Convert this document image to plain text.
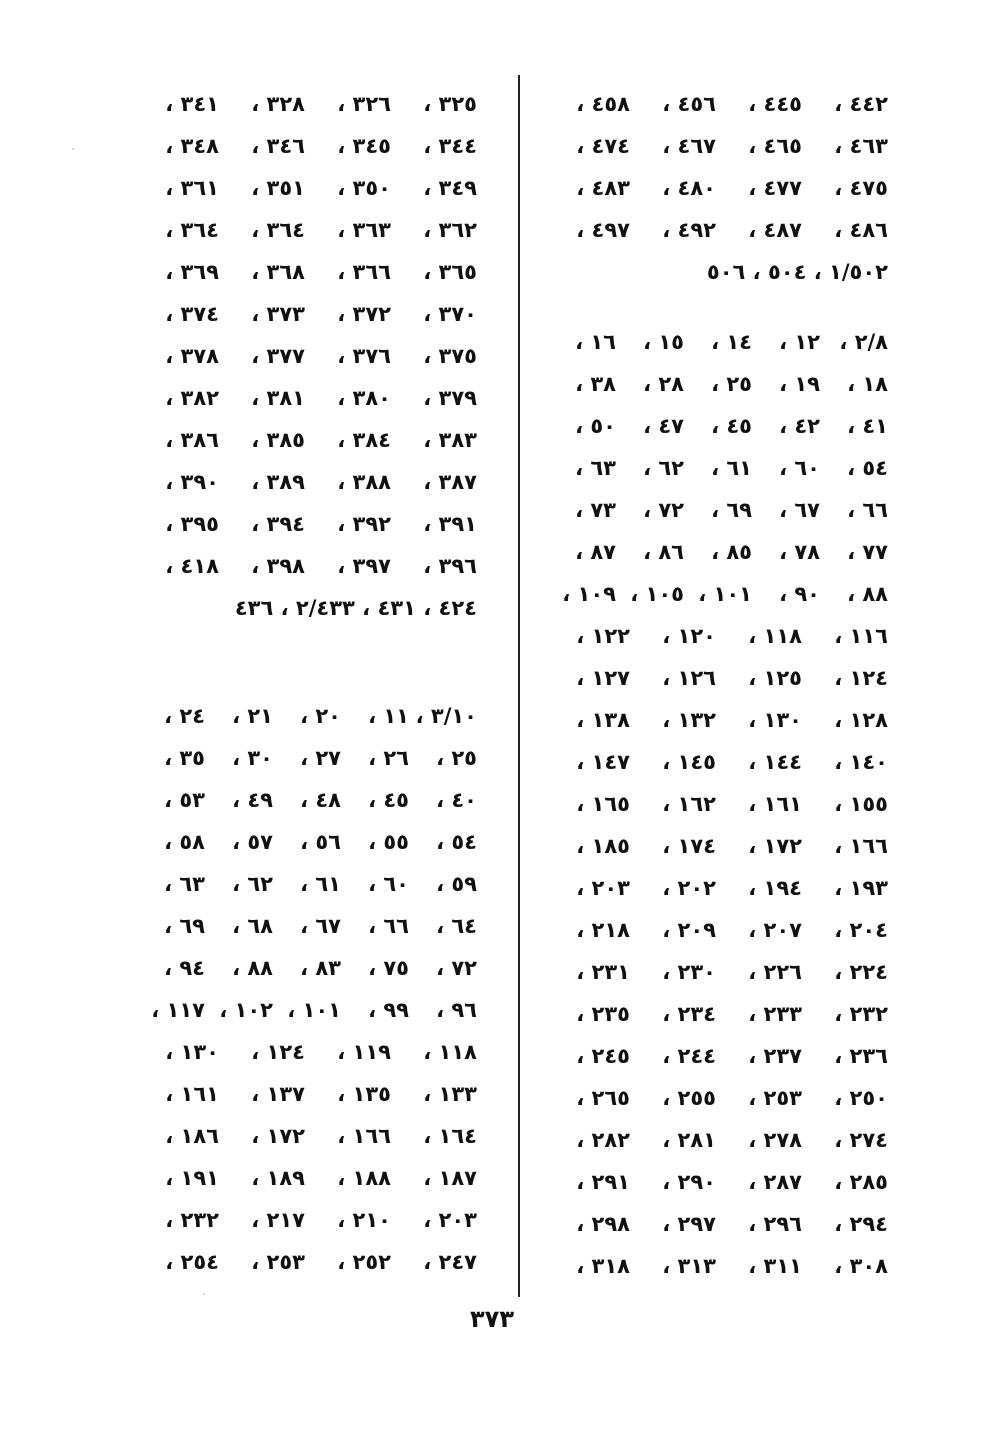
٤٤٢ ،
٤٤٥ ،
٤٥٦ ،
٤٥٨ ،
٤٦٣ ،
٤٦٥ ،
٤٦٧ ،
٤٧٤ ،
٤٧٥ ،
٤٧٧ ،
٤٨٠ ،
٤٨٣ ،
٤٨٦ ،
٤٨٧ ،
٤٩٢ ،
٤٩٧ ،
١/٥٠٢ ، ٥٠٤ ، ٥٠٦
٢/٨ ،
١٢ ،
١٤ ،
١٥ ،
١٦ ،
١٨ ،
١٩ ،
٢٥ ،
٢٨ ،
٣٨ ،
٤١ ،
٤٢ ،
٤٥ ،
٤٧ ،
٥٠ ،
٥٤ ،
٦٠ ،
٦١ ،
٦٢ ،
٦٣ ،
٦٦ ،
٦٧ ،
٦٩ ،
٧٢ ،
٧٣ ،
٧٧ ،
٧٨ ،
٨٥ ،
٨٦ ،
٨٧ ،
٨٨ ،
٩٠ ،
١٠١ ،
١٠٥ ،
١٠٩ ،
١١٦ ،
١١٨ ،
١٢٠ ،
١٢٢ ،
١٢٤ ،
١٢٥ ،
١٢٦ ،
١٢٧ ،
١٢٨ ،
١٣٠ ،
١٣٢ ،
١٣٨ ،
١٤٠ ،
١٤٤ ،
١٤٥ ،
١٤٧ ،
١٥٥ ،
١٦١ ،
١٦٢ ،
١٦٥ ،
١٦٦ ،
١٧٢ ،
١٧٤ ،
١٨٥ ،
١٩٣ ،
١٩٤ ،
٢٠٢ ،
٢٠٣ ،
٢٠٤ ،
٢٠٧ ،
٢٠٩ ،
٢١٨ ،
٢٢٤ ،
٢٢٦ ،
٢٣٠ ،
٢٣١ ،
٢٣٢ ،
٢٣٣ ،
٢٣٤ ،
٢٣٥ ،
٢٣٦ ،
٢٣٧ ،
٢٤٤ ،
٢٤٥ ،
٢٥٠ ،
٢٥٣ ،
٢٥٥ ،
٢٦٥ ،
٢٧٤ ،
٢٧٨ ،
٢٨١ ،
٢٨٢ ،
٢٨٥ ،
٢٨٧ ،
٢٩٠ ،
٢٩١ ،
٢٩٤ ،
٢٩٦ ،
٢٩٧ ،
٢٩٨ ،
٣٠٨ ،
٣١١ ،
٣١٣ ،
٣١٨ ،
٣٢٥ ،
٣٢٦ ،
٣٢٨ ،
٣٤١ ،
٣٤٤ ،
٣٤٥ ،
٣٤٦ ،
٣٤٨ ،
٣٤٩ ،
٣٥٠ ،
٣٥١ ،
٣٦١ ،
٣٦٢ ،
٣٦٣ ،
٣٦٤ ،
٣٦٤ ،
٣٦٥ ،
٣٦٦ ،
٣٦٨ ،
٣٦٩ ،
٣٧٠ ،
٣٧٢ ،
٣٧٣ ،
٣٧٤ ،
٣٧٥ ،
٣٧٦ ،
٣٧٧ ،
٣٧٨ ،
٣٧٩ ،
٣٨٠ ،
٣٨١ ،
٣٨٢ ،
٣٨٣ ،
٣٨٤ ،
٣٨٥ ،
٣٨٦ ،
٣٨٧ ،
٣٨٨ ،
٣٨٩ ،
٣٩٠ ،
٣٩١ ،
٣٩٢ ،
٣٩٤ ،
٣٩٥ ،
٣٩٦ ،
٣٩٧ ،
٣٩٨ ،
٤١٨ ،
٤٢٤ ، ٤٣١ ، ٢/٤٣٣ ، ٤٣٦
٣/١٠ ،
١١ ،
٢٠ ،
٢١ ،
٢٤ ،
٢٥ ،
٢٦ ،
٢٧ ،
٣٠ ،
٣٥ ،
٤٠ ،
٤٥ ،
٤٨ ،
٤٩ ،
٥٣ ،
٥٤ ،
٥٥ ،
٥٦ ،
٥٧ ،
٥٨ ،
٥٩ ،
٦٠ ،
٦١ ،
٦٢ ،
٦٣ ،
٦٤ ،
٦٦ ،
٦٧ ،
٦٨ ،
٦٩ ،
٧٢ ،
٧٥ ،
٨٣ ،
٨٨ ،
٩٤ ،
٩٦ ،
٩٩ ،
١٠١ ،
١٠٢ ،
١١٧ ،
١١٨ ،
١١٩ ،
١٢٤ ،
١٣٠ ،
١٣٣ ،
١٣٥ ،
١٣٧ ،
١٦١ ،
١٦٤ ،
١٦٦ ،
١٧٢ ،
١٨٦ ،
١٨٧ ،
١٨٨ ،
١٨٩ ،
١٩١ ،
٢٠٣ ،
٢١٠ ،
٢١٧ ،
٢٣٢ ،
٢٤٧ ،
٢٥٢ ،
٢٥٣ ،
٢٥٤ ،
٣٧٣
